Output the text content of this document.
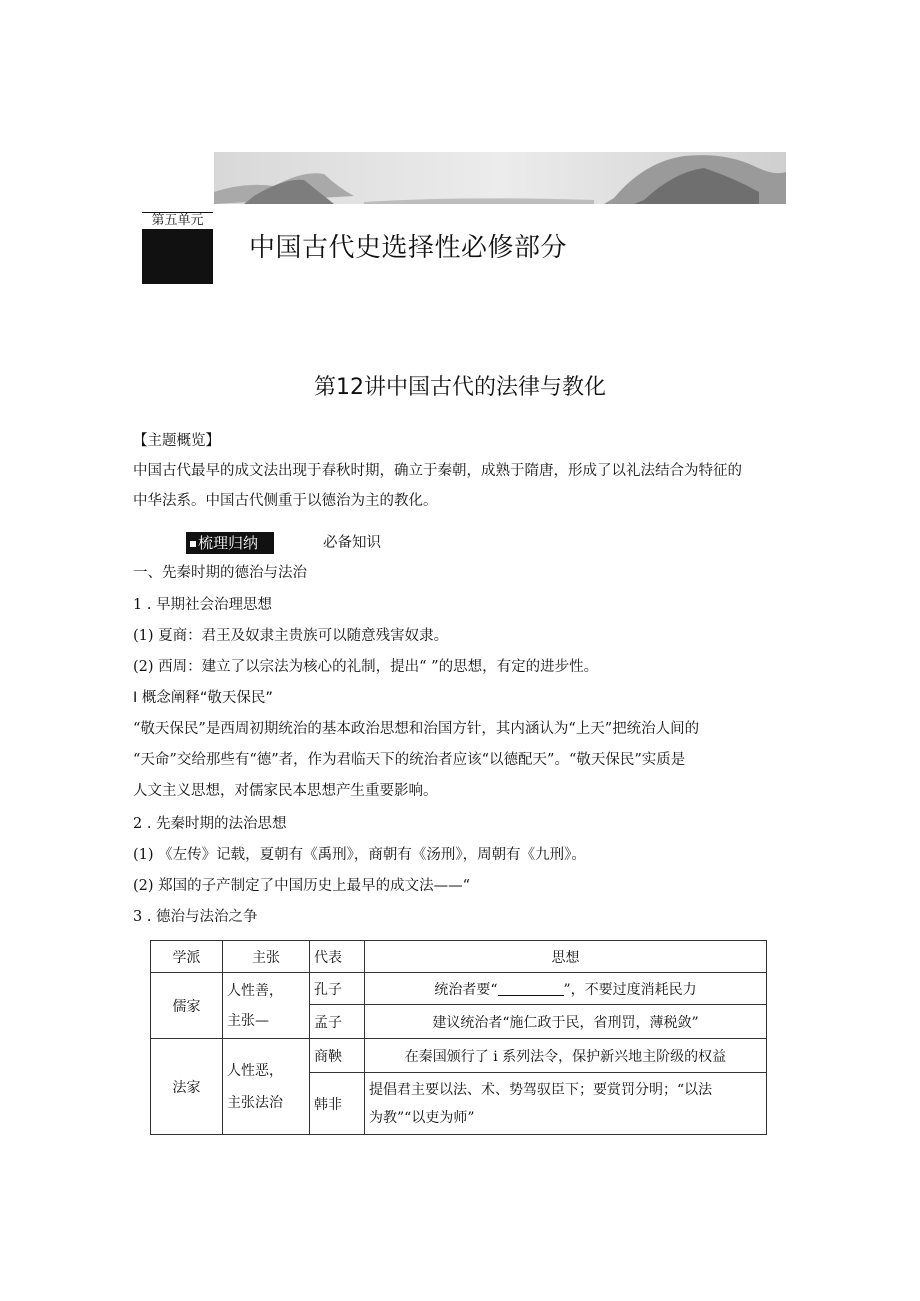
第五单元
中国古代史选择性必修部分
第12讲中国古代的法律与教化
【主题概览】
中国古代最早的成文法出现于春秋时期，确立于秦朝，成熟于隋唐，形成了以礼法结合为特征的
中华法系。中国古代侧重于以德治为主的教化。
梳理归纳	必备知识
一、先秦时期的德治与法治
1 . 早期社会治理思想
(1) 夏商：君王及奴隶主贵族可以随意残害奴隶。
(2) 西周：建立了以宗法为核心的礼制，提出“ ”的思想，有定的进步性。
I 概念阐释“敬天保民”
“敬天保民”是西周初期统治的基本政治思想和治国方针，其内涵认为“上天”把统治人间的
“天命”交给那些有“德”者，作为君临天下的统治者应该“以德配天”。“敬天保民”实质是
人文主义思想，对儒家民本思想产生重要影响。
2 . 先秦时期的法治思想
(1) 《左传》记载，夏朝有《禹刑》，商朝有《汤刑》，周朝有《九刑》。
(2) 郑国的子产制定了中国历史上最早的成文法——“
3 . 德治与法治之争
学派	主张	代表	思想
儒家	人性善，
主张—	孔子	统治者要“ ”，不要过度消耗民力
		孟子	建议统治者“施仁政于民，省刑罚，薄税敛”
法家	人性恶，
主张法治	商鞅	在秦国颁行了 i 系列法令，保护新兴地主阶级的权益
		韩非	提倡君主要以法、术、势驾驭臣下；要赏罚分明；“以法
为教”“以吏为师”
